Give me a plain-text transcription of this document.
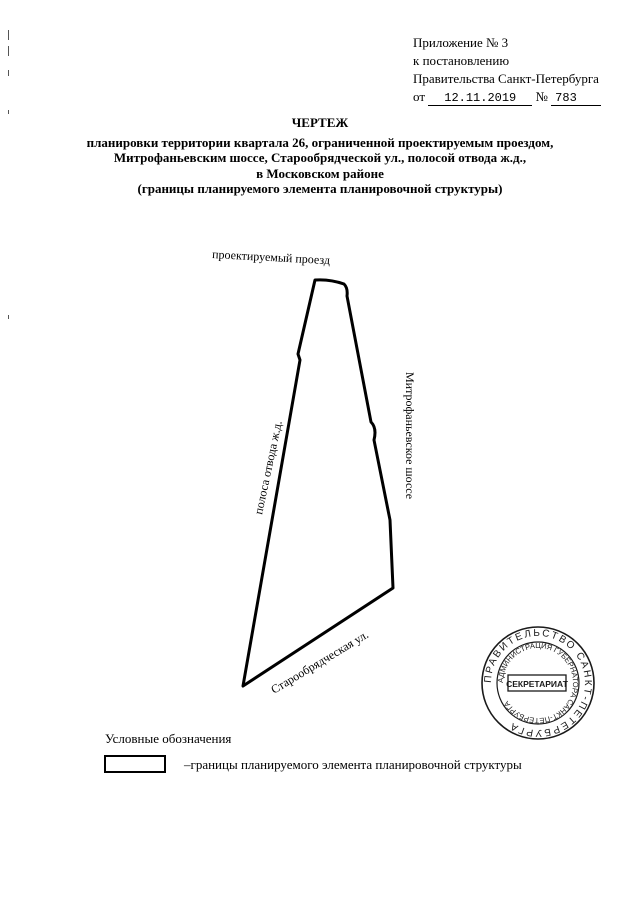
Приложение № 3
к постановлению
Правительства Санкт-Петербурга
от 12.11.2019 № 783
ЧЕРТЕЖ
планировки территории квартала 26, ограниченной проектируемым проездом,
Митрофаньевским шоссе, Старообрядческой ул., полосой отвода ж.д.,
в Московском районе
(границы планируемого элемента планировочной структуры)
проектируемый проезд
Митрофаньевское шоссе
полоса отвода ж.д.
Старообрядческая ул.	ПРАВИТЕЛЬСТВО САНКТ-ПЕТЕРБУРГА
АДМИНИСТРАЦИЯ ГУБЕРНАТОРА САНКТ-ПЕТЕРБУРГА
СЕКРЕТАРИАТ
Условные обозначения
–границы планируемого элемента планировочной структуры
